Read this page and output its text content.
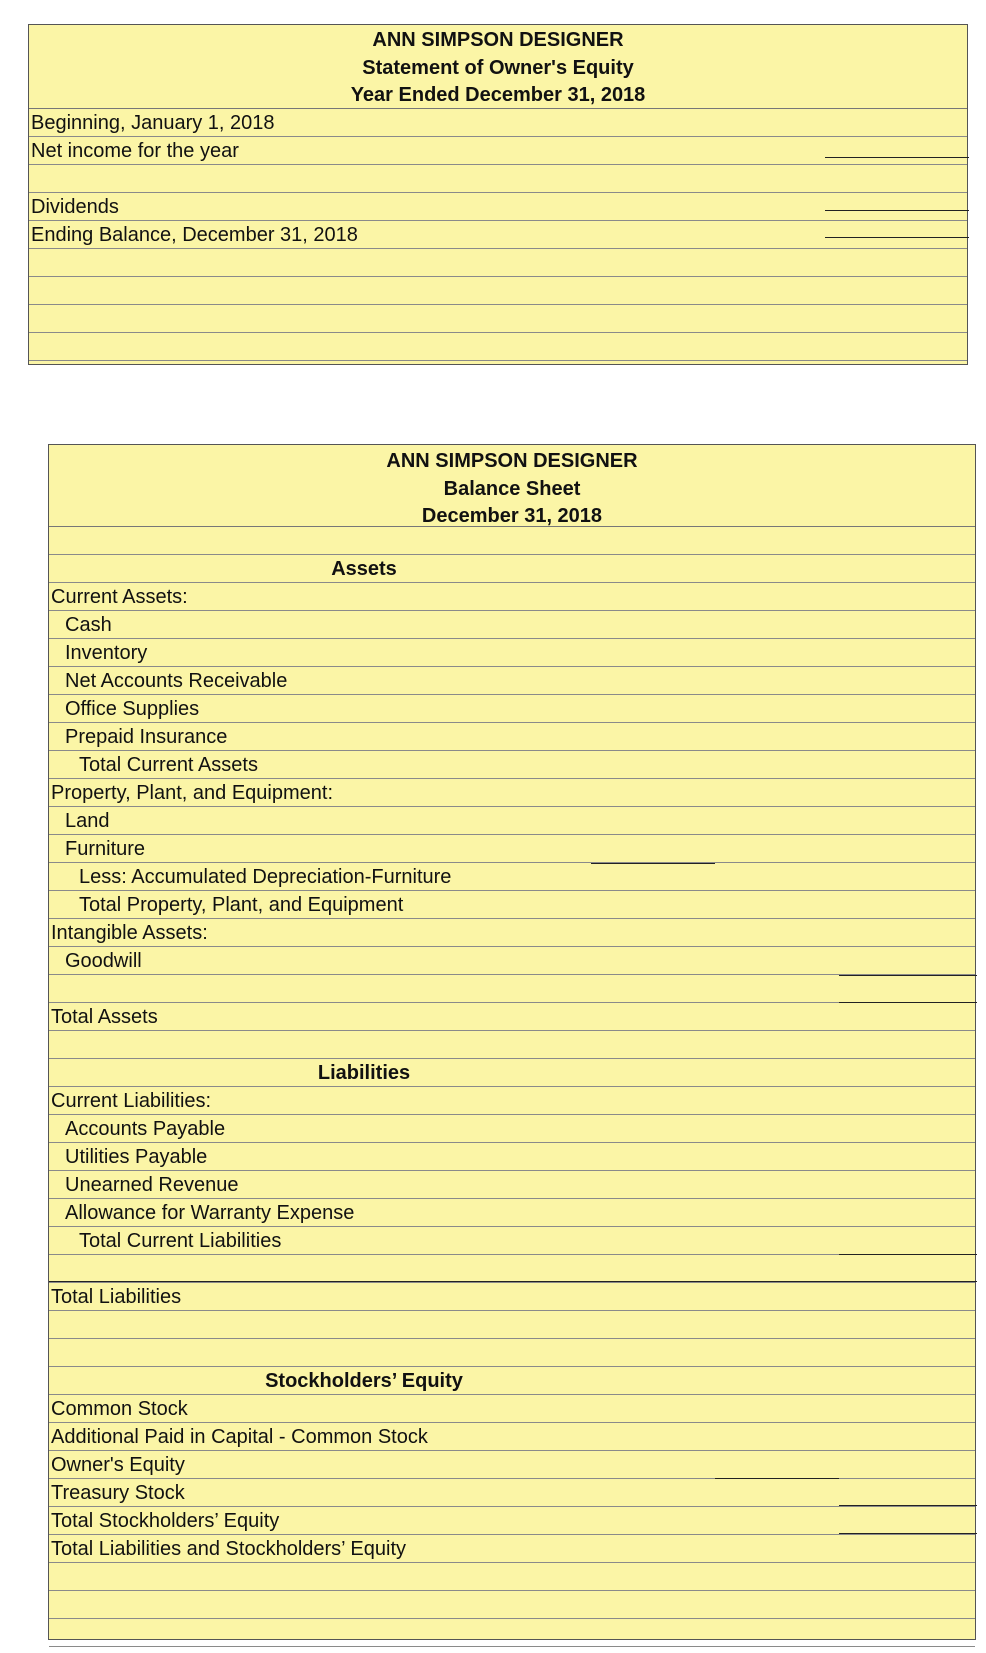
ANN SIMPSON DESIGNER
Statement of Owner's Equity
Year Ended December 31, 2018
Beginning, January 1, 2018
Net income for the year
Dividends
Ending Balance, December 31, 2018
ANN SIMPSON DESIGNER
Balance Sheet
December 31, 2018
Assets
Current Assets:
Cash
Inventory
Net Accounts Receivable
Office Supplies
Prepaid Insurance
Total Current Assets
Property, Plant, and Equipment:
Land
Furniture
Less: Accumulated Depreciation-Furniture
Total Property, Plant, and Equipment
Intangible Assets:
Goodwill
Total Assets
Liabilities
Current Liabilities:
Accounts Payable
Utilities Payable
Unearned Revenue
Allowance for Warranty Expense
Total Current Liabilities
Total Liabilities
Stockholders’ Equity
Common Stock
Additional Paid in Capital - Common Stock
Owner's Equity
Treasury Stock
Total Stockholders’ Equity
Total Liabilities and Stockholders’ Equity
